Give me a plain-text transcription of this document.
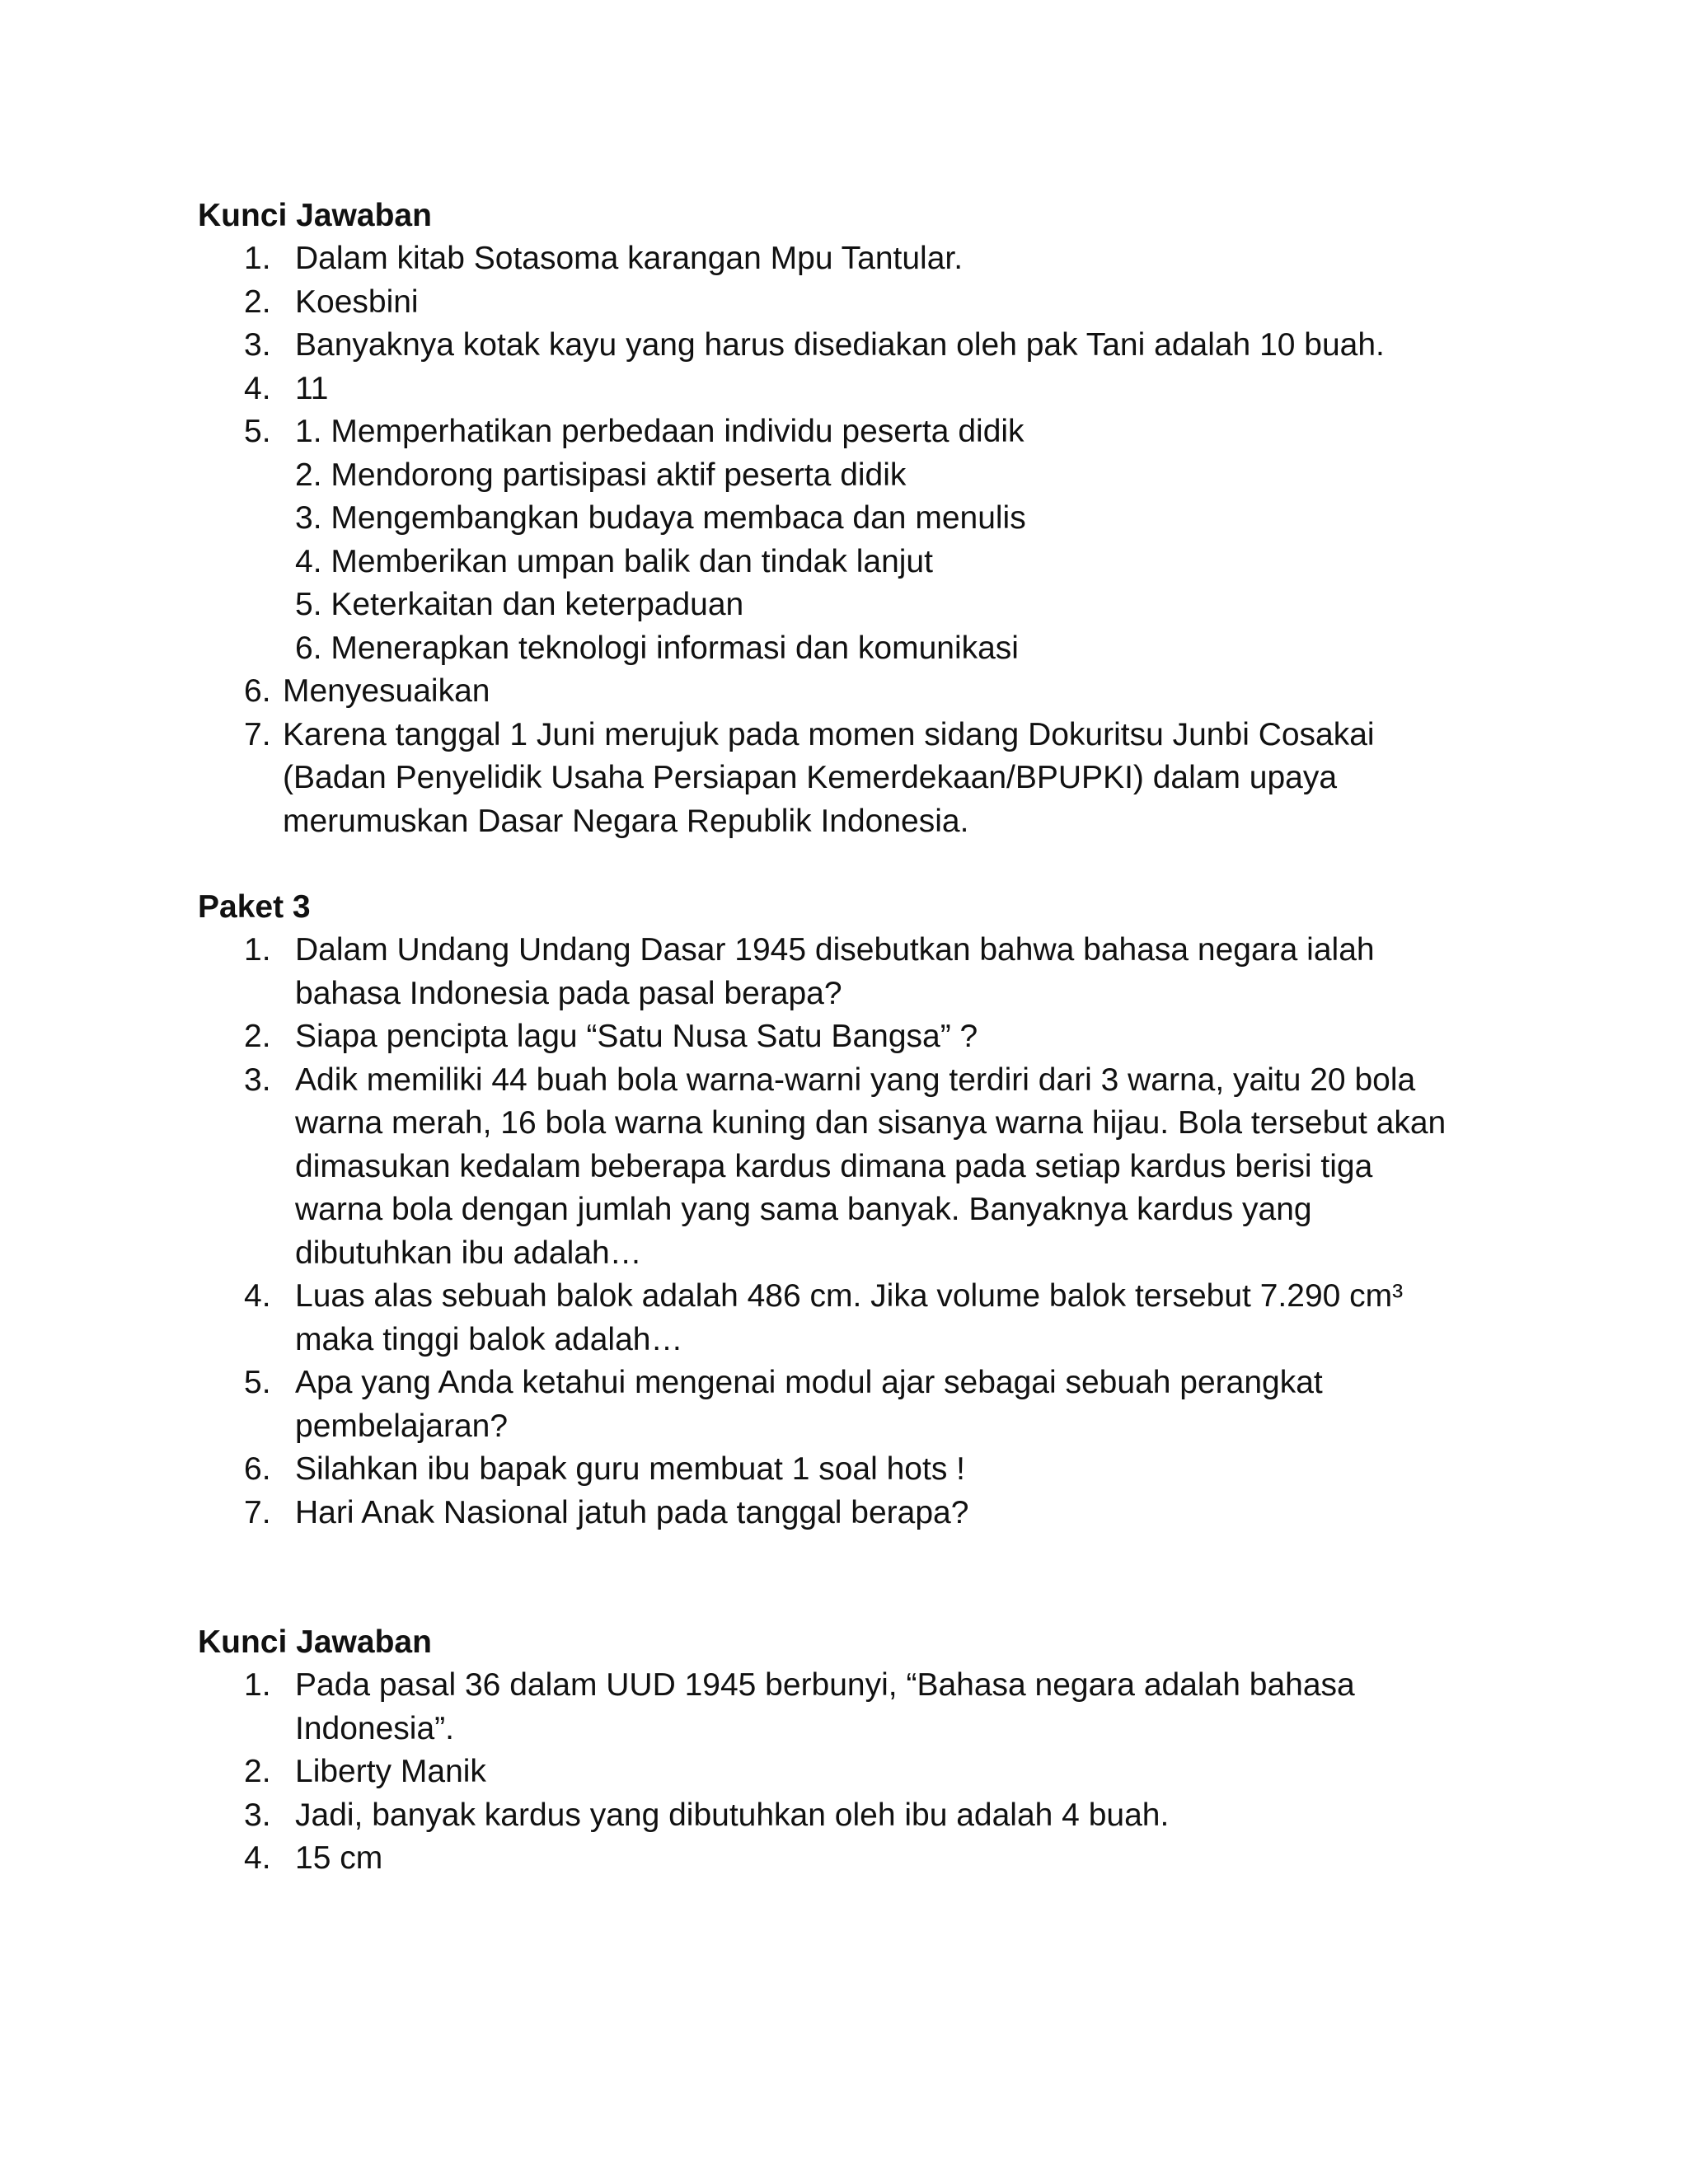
Kunci Jawaban
1. Dalam kitab Sotasoma karangan Mpu Tantular.
2. Koesbini
3. Banyaknya kotak kayu yang harus disediakan oleh pak Tani adalah 10 buah.
4. 11
5. 1. Memperhatikan perbedaan individu peserta didik
2. Mendorong partisipasi aktif peserta didik
3. Mengembangkan budaya membaca dan menulis
4. Memberikan umpan balik dan tindak lanjut
5. Keterkaitan dan keterpaduan
6. Menerapkan teknologi informasi dan komunikasi
6. Menyesuaikan
7. Karena tanggal 1 Juni merujuk pada momen sidang Dokuritsu Junbi Cosakai
(Badan Penyelidik Usaha Persiapan Kemerdekaan/BPUPKI) dalam upaya
merumuskan Dasar Negara Republik Indonesia.
Paket 3
1. Dalam Undang Undang Dasar 1945 disebutkan bahwa bahasa negara ialah
bahasa Indonesia pada pasal berapa?
2. Siapa pencipta lagu “Satu Nusa Satu Bangsa” ?
3. Adik memiliki 44 buah bola warna-warni yang terdiri dari 3 warna, yaitu 20 bola
warna merah, 16 bola warna kuning dan sisanya warna hijau. Bola tersebut akan
dimasukan kedalam beberapa kardus dimana pada setiap kardus berisi tiga
warna bola dengan jumlah yang sama banyak. Banyaknya kardus yang
dibutuhkan ibu adalah…
4. Luas alas sebuah balok adalah 486 cm. Jika volume balok tersebut 7.290 cm³
maka tinggi balok adalah…
5. Apa yang Anda ketahui mengenai modul ajar sebagai sebuah perangkat
pembelajaran?
6. Silahkan ibu bapak guru membuat 1 soal hots !
7. Hari Anak Nasional jatuh pada tanggal berapa?
Kunci Jawaban
1. Pada pasal 36 dalam UUD 1945 berbunyi, “Bahasa negara adalah bahasa
Indonesia”.
2. Liberty Manik
3. Jadi, banyak kardus yang dibutuhkan oleh ibu adalah 4 buah.
4. 15 cm
